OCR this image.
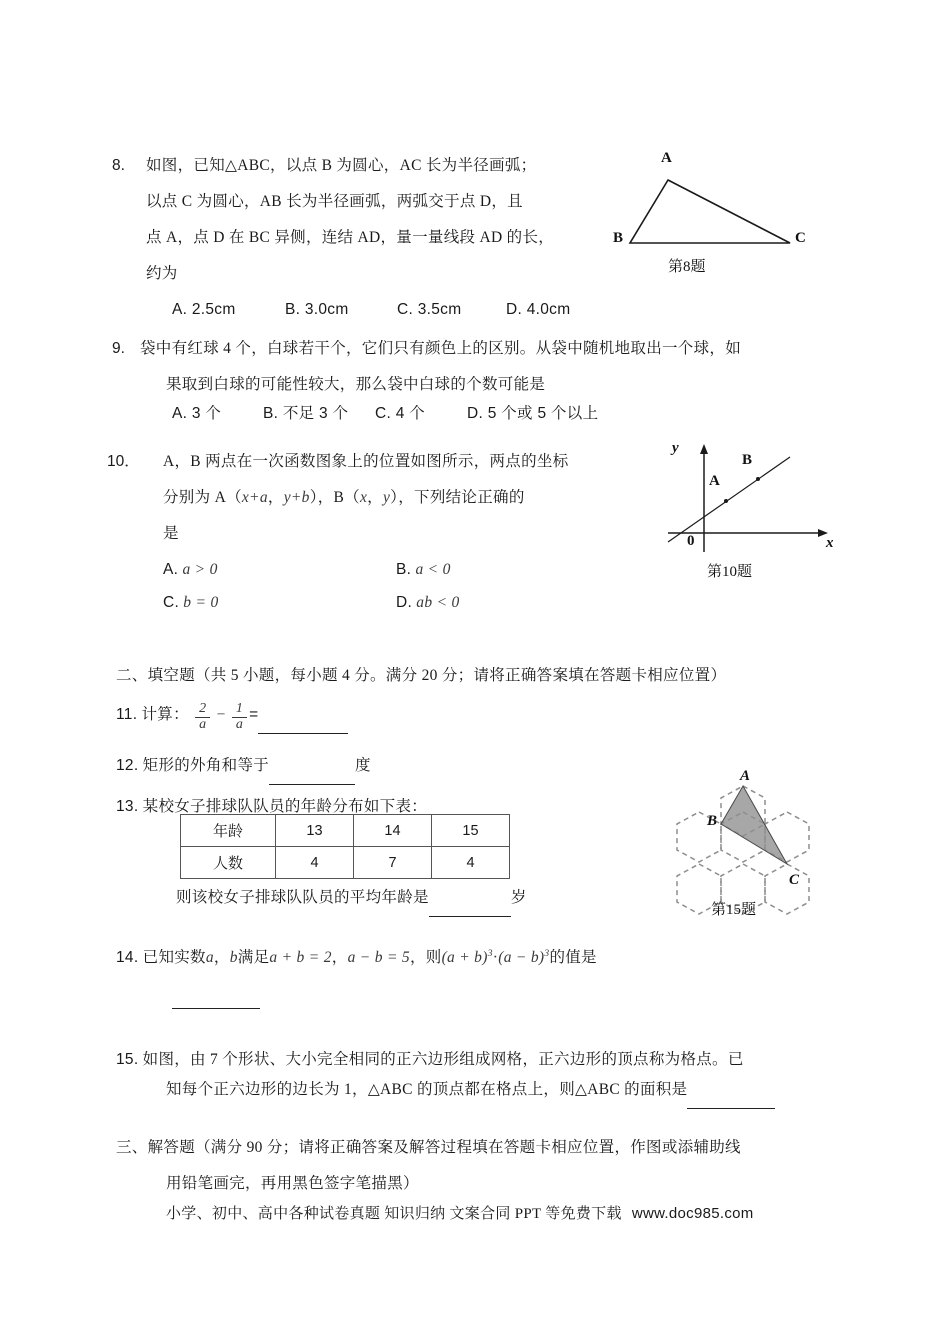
8. 如图，已知△ABC，以点 B 为圆心，AC 长为半径画弧；
以点 C 为圆心，AB 长为半径画弧，两弧交于点 D，且
点 A，点 D 在 BC 异侧，连结 AD，量一量线段 AD 的长，
约为
A. 2.5cm	B. 3.0cm	C. 3.5cm	D. 4.0cm
A
B	C
第8题
9. 袋中有红球 4 个，白球若干个，它们只有颜色上的区别。从袋中随机地取出一个球，如
果取到白球的可能性较大，那么袋中白球的个数可能是
A. 3 个	B. 不足 3 个 C. 4 个	D. 5 个或 5 个以上
10． A，B 两点在一次函数图象上的位置如图所示，两点的坐标
分别为 A（x+a，y+b），B（x，y），下列结论正确的
是
A. a > 0	B. a < 0
C. b = 0	D. ab < 0
y
x
0
A
B
第10题
二、填空题（共 5 小题，每小题 4 分。满分 20 分；请将正确答案填在答题卡相应位置）
11. 计算： $\frac{2}{a} - \frac{1}{a}$ =
12. 矩形的外角和等于	度
13. 某校女子排球队队员的年龄分布如下表：
年龄	13	14	15
人数	4	7	4
则该校女子排球队队员的平均年龄是	岁
A
B
C
第15题
14. 已知实数a，b满足a + b = 2，a − b = 5，则$(a + b)^3\cdot(a - b)^3$的值是

15. 如图，由 7 个形状、大小完全相同的正六边形组成网格，正六边形的顶点称为格点。已
知每个正六边形的边长为 1，△ABC 的顶点都在格点上，则△ABC 的面积是
三、解答题（满分 90 分；请将正确答案及解答过程填在答题卡相应位置，作图或添辅助线
用铅笔画完，再用黑色签字笔描黑）
小学、初中、高中各种试卷真题 知识归纳 文案合同 PPT 等免费下载 www.doc985.com
